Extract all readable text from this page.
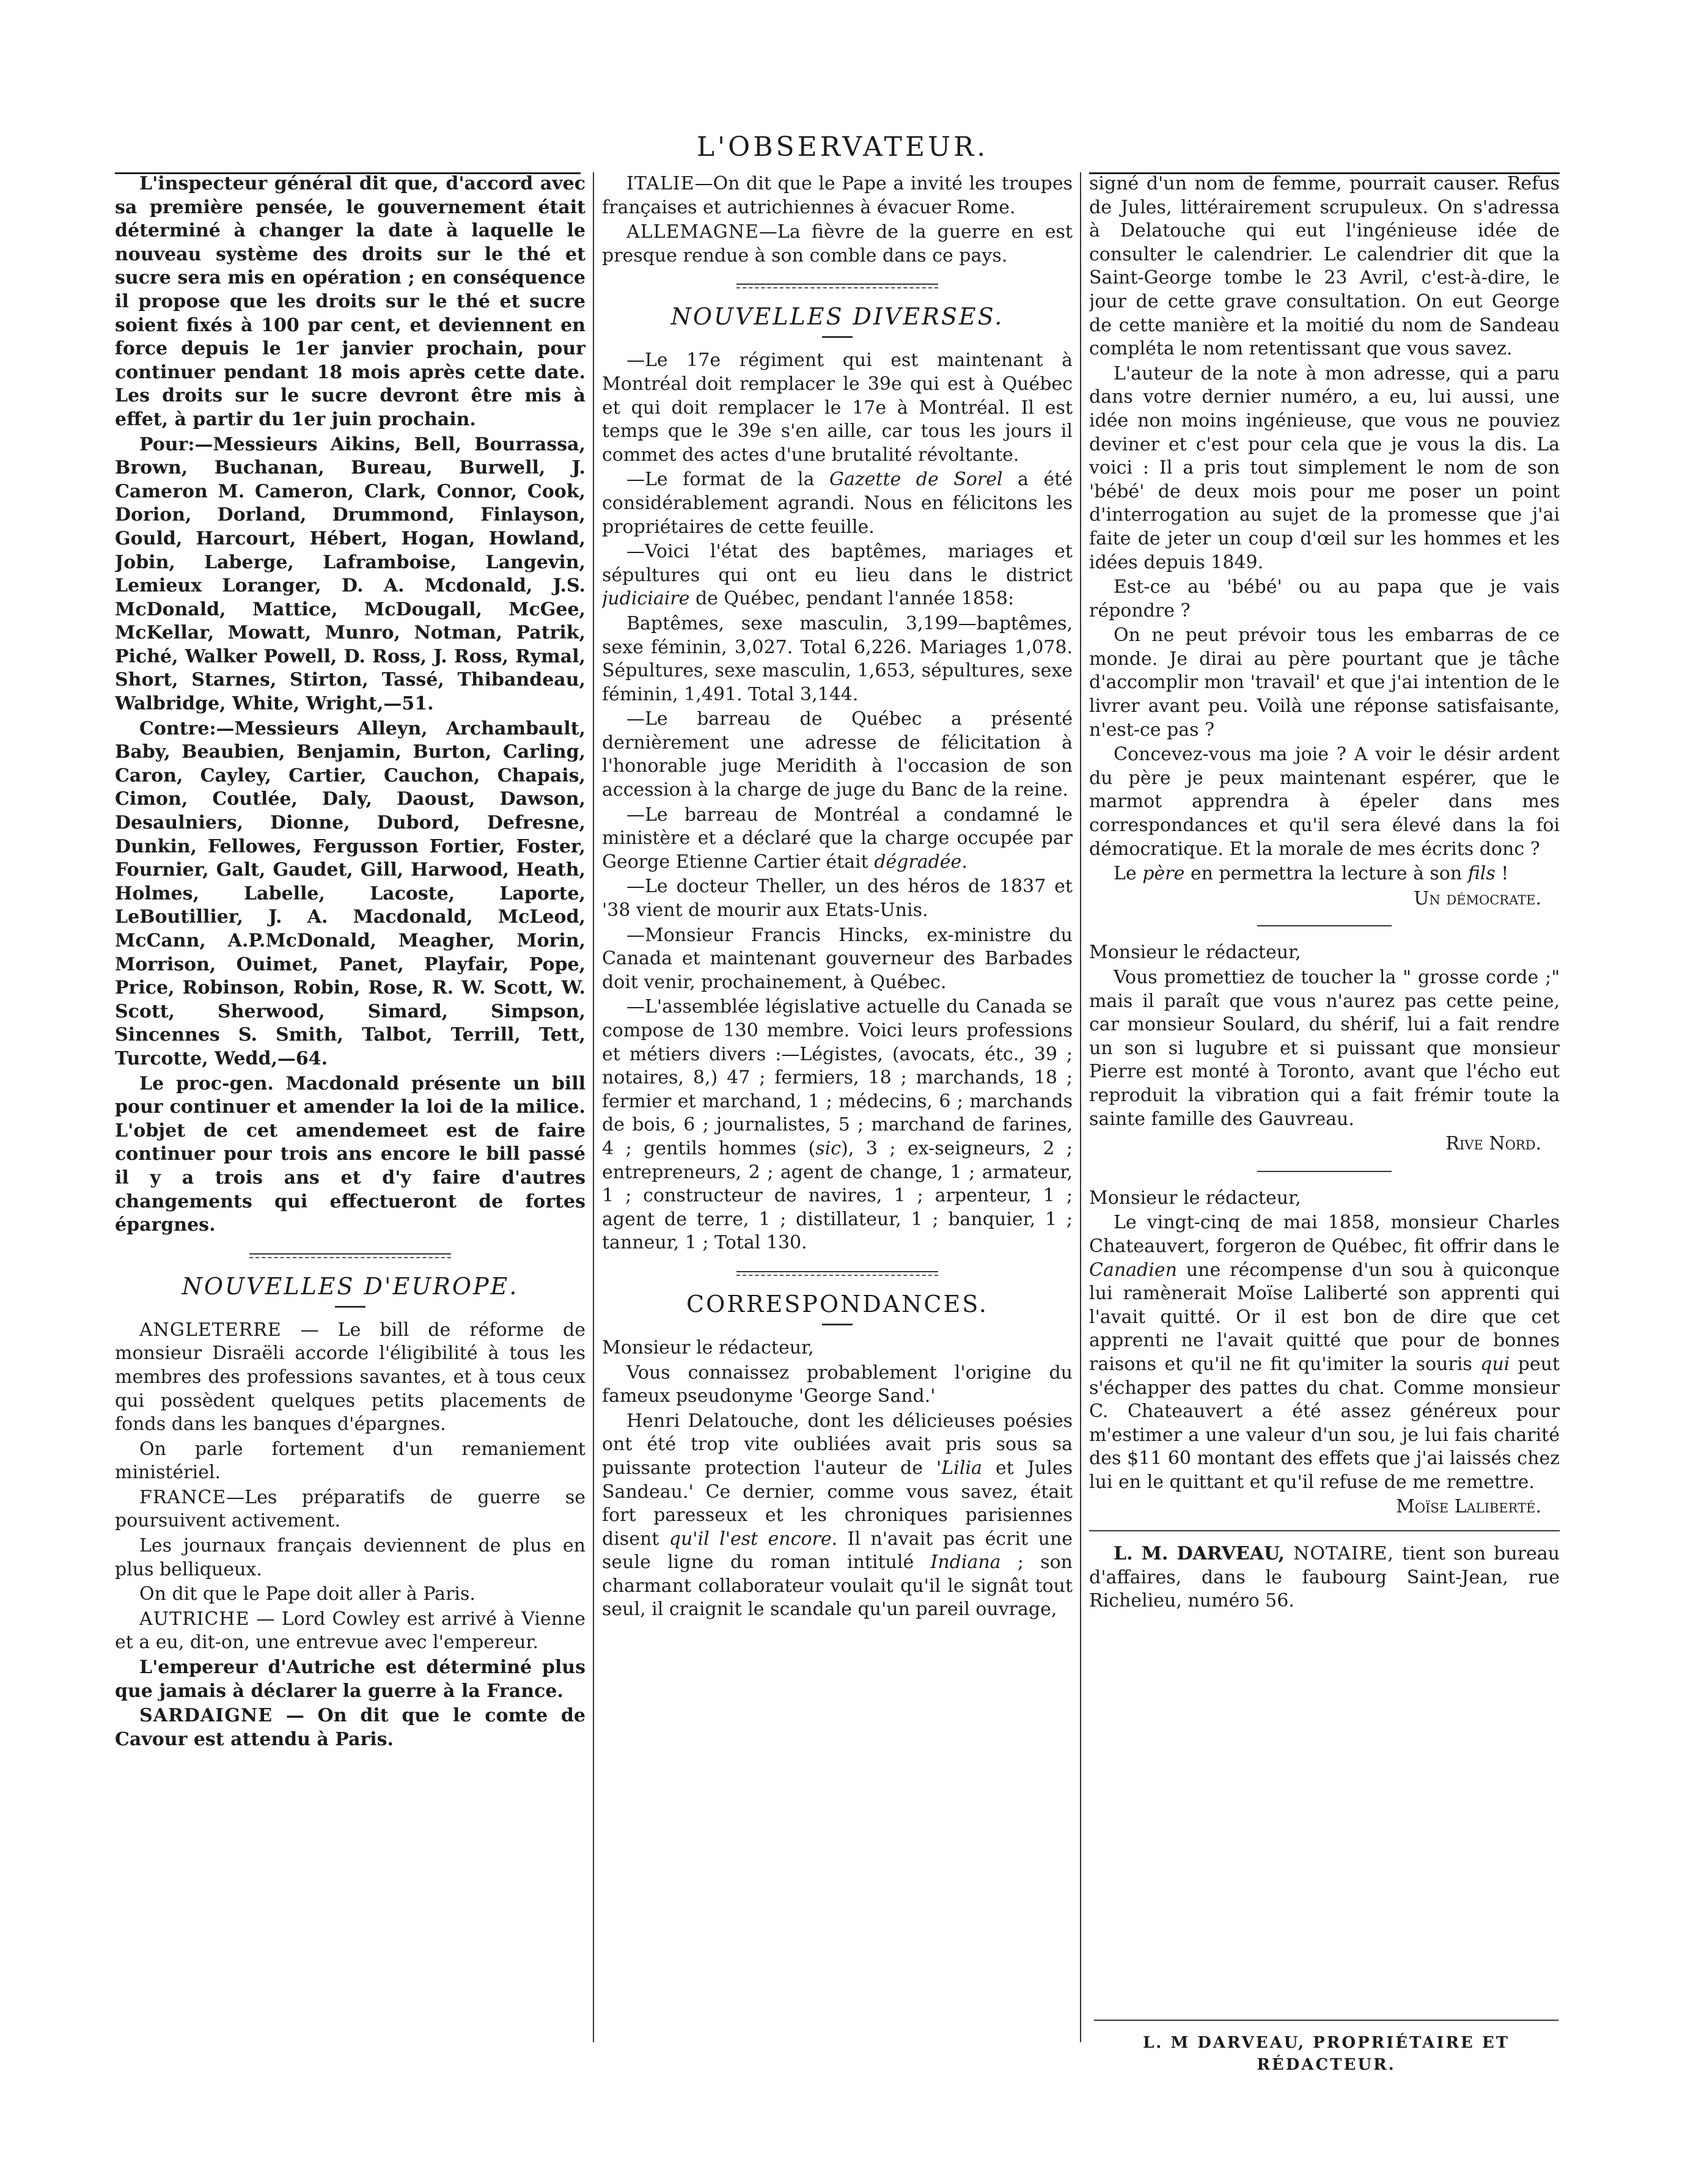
L'OBSERVATEUR.

L'inspecteur général dit que, d'accord avec sa première pensée, le gouvernement était déterminé à changer la date à laquelle le nouveau système des droits sur le thé et sucre sera mis en opération ; en conséquence il propose que les droits sur le thé et sucre soient fixés à 100 par cent, et deviennent en force depuis le 1er janvier prochain, pour continuer pendant 18 mois après cette date. Les droits sur le sucre devront être mis à effet, à partir du 1er juin prochain.

Pour:—Messieurs Aikins, Bell, Bourrassa, Brown, Buchanan, Bureau, Burwell, J. Cameron M. Cameron, Clark, Connor, Cook, Dorion, Dorland, Drummond, Finlayson, Gould, Harcourt, Hébert, Hogan, Howland, Jobin, Laberge, Laframboise, Langevin, Lemieux Loranger, D. A. Mcdonald, J.S. McDonald, Mattice, McDougall, McGee, McKellar, Mowatt, Munro, Notman, Patrik, Piché, Walker Powell, D. Ross, J. Ross, Rymal, Short, Starnes, Stirton, Tassé, Thibandeau, Walbridge, White, Wright,—51.

Contre:—Messieurs Alleyn, Archambault, Baby, Beaubien, Benjamin, Burton, Carling, Caron, Cayley, Cartier, Cauchon, Chapais, Cimon, Coutlée, Daly, Daoust, Dawson, Desaulniers, Dionne, Dubord, Defresne, Dunkin, Fellowes, Fergusson Fortier, Foster, Fournier, Galt, Gaudet, Gill, Harwood, Heath, Holmes, Labelle, Lacoste, Laporte, LeBoutillier, J. A. Macdonald, McLeod, McCann, A.P.McDonald, Meagher, Morin, Morrison, Ouimet, Panet, Playfair, Pope, Price, Robinson, Robin, Rose, R. W. Scott, W. Scott, Sherwood, Simard, Simpson, Sincennes S. Smith, Talbot, Terrill, Tett, Turcotte, Wedd,—64.

Le proc-gen. Macdonald présente un bill pour continuer et amender la loi de la milice. L'objet de cet amendemeet est de faire continuer pour trois ans encore le bill passé il y a trois ans et d'y faire d'autres changements qui effectueront de fortes épargnes.

NOUVELLES D'EUROPE.

ANGLETERRE — Le bill de réforme de monsieur Disraëli accorde l'éligibilité à tous les membres des professions savantes, et à tous ceux qui possèdent quelques petits placements de fonds dans les banques d'épargnes.

On parle fortement d'un remaniement ministériel.

FRANCE—Les préparatifs de guerre se poursuivent activement.

Les journaux français deviennent de plus en plus belliqueux.

On dit que le Pape doit aller à Paris.

AUTRICHE — Lord Cowley est arrivé à Vienne et a eu, dit-on, une entrevue avec l'empereur.

L'empereur d'Autriche est déterminé plus que jamais à déclarer la guerre à la France.

SARDAIGNE — On dit que le comte de Cavour est attendu à Paris.

ITALIE—On dit que le Pape a invité les troupes françaises et autrichiennes à évacuer Rome.

ALLEMAGNE—La fièvre de la guerre en est presque rendue à son comble dans ce pays.

NOUVELLES DIVERSES.

—Le 17e régiment qui est maintenant à Montréal doit remplacer le 39e qui est à Québec et qui doit remplacer le 17e à Montréal. Il est temps que le 39e s'en aille, car tous les jours il commet des actes d'une brutalité révoltante.

—Le format de la Gazette de Sorel a été considérablement agrandi. Nous en félicitons les propriétaires de cette feuille.

—Voici l'état des baptêmes, mariages et sépultures qui ont eu lieu dans le district judiciaire de Québec, pendant l'année 1858:

Baptêmes, sexe masculin, 3,199—baptêmes, sexe féminin, 3,027. Total 6,226. Mariages 1,078. Sépultures, sexe masculin, 1,653, sépultures, sexe féminin, 1,491. Total 3,144.

—Le barreau de Québec a présenté dernièrement une adresse de félicitation à l'honorable juge Meridith à l'occasion de son accession à la charge de juge du Banc de la reine.

—Le barreau de Montréal a condamné le ministère et a déclaré que la charge occupée par George Etienne Cartier était dégradée.

—Le docteur Theller, un des héros de 1837 et '38 vient de mourir aux Etats-Unis.

—Monsieur Francis Hincks, ex-ministre du Canada et maintenant gouverneur des Barbades doit venir, prochainement, à Québec.

—L'assemblée législative actuelle du Canada se compose de 130 membre. Voici leurs professions et métiers divers :—Légistes, (avocats, étc., 39 ; notaires, 8,) 47 ; fermiers, 18 ; marchands, 18 ; fermier et marchand, 1 ; médecins, 6 ; marchands de bois, 6 ; journalistes, 5 ; marchand de farines, 4 ; gentils hommes (sic), 3 ; ex-seigneurs, 2 ; entrepreneurs, 2 ; agent de change, 1 ; armateur, 1 ; constructeur de navires, 1 ; arpenteur, 1 ; agent de terre, 1 ; distillateur, 1 ; banquier, 1 ; tanneur, 1 ; Total 130.

CORRESPONDANCES.

Monsieur le rédacteur,

Vous connaissez probablement l'origine du fameux pseudonyme 'George Sand.'

Henri Delatouche, dont les délicieuses poésies ont été trop vite oubliées avait pris sous sa puissante protection l'auteur de 'Lilia et Jules Sandeau.' Ce dernier, comme vous savez, était fort paresseux et les chroniques parisiennes disent qu'il l'est encore. Il n'avait pas écrit une seule ligne du roman intitulé Indiana ; son charmant collaborateur voulait qu'il le signât tout seul, il craignit le scandale qu'un pareil ouvrage,

signé d'un nom de femme, pourrait causer. Refus de Jules, littérairement scrupuleux. On s'adressa à Delatouche qui eut l'ingénieuse idée de consulter le calendrier. Le calendrier dit que la Saint-George tombe le 23 Avril, c'est-à-dire, le jour de cette grave consultation. On eut George de cette manière et la moitié du nom de Sandeau compléta le nom retentissant que vous savez.

L'auteur de la note à mon adresse, qui a paru dans votre dernier numéro, a eu, lui aussi, une idée non moins ingénieuse, que vous ne pouviez deviner et c'est pour cela que je vous la dis. La voici : Il a pris tout simplement le nom de son 'bébé' de deux mois pour me poser un point d'interrogation au sujet de la promesse que j'ai faite de jeter un coup d'œil sur les hommes et les idées depuis 1849.

Est-ce au 'bébé' ou au papa que je vais répondre ?

On ne peut prévoir tous les embarras de ce monde. Je dirai au père pourtant que je tâche d'accomplir mon 'travail' et que j'ai intention de le livrer avant peu. Voilà une réponse satisfaisante, n'est-ce pas ?

Concevez-vous ma joie ? A voir le désir ardent du père je peux maintenant espérer, que le marmot apprendra à épeler dans mes correspondances et qu'il sera élevé dans la foi démocratique. Et la morale de mes écrits donc ?

Le père en permettra la lecture à son fils !

Un démocrate.

Monsieur le rédacteur,

Vous promettiez de toucher la " grosse corde ;" mais il paraît que vous n'aurez pas cette peine, car monsieur Soulard, du shérif, lui a fait rendre un son si lugubre et si puissant que monsieur Pierre est monté à Toronto, avant que l'écho eut reproduit la vibration qui a fait frémir toute la sainte famille des Gauvreau.

Rive Nord.

Monsieur le rédacteur,

Le vingt-cinq de mai 1858, monsieur Charles Chateauvert, forgeron de Québec, fit offrir dans le Canadien une récompense d'un sou à quiconque lui ramènerait Moïse Laliberté son apprenti qui l'avait quitté. Or il est bon de dire que cet apprenti ne l'avait quitté que pour de bonnes raisons et qu'il ne fit qu'imiter la souris qui peut s'échapper des pattes du chat. Comme monsieur C. Chateauvert a été assez généreux pour m'estimer a une valeur d'un sou, je lui fais charité des $11 60 montant des effets que j'ai laissés chez lui en le quittant et qu'il refuse de me remettre.

Moïse Laliberté.

L. M. DARVEAU, NOTAIRE, tient son bureau d'affaires, dans le faubourg Saint-Jean, rue Richelieu, numéro 56.
L. M DARVEAU, PROPRIÉTAIRE ET
RÉDACTEUR.
